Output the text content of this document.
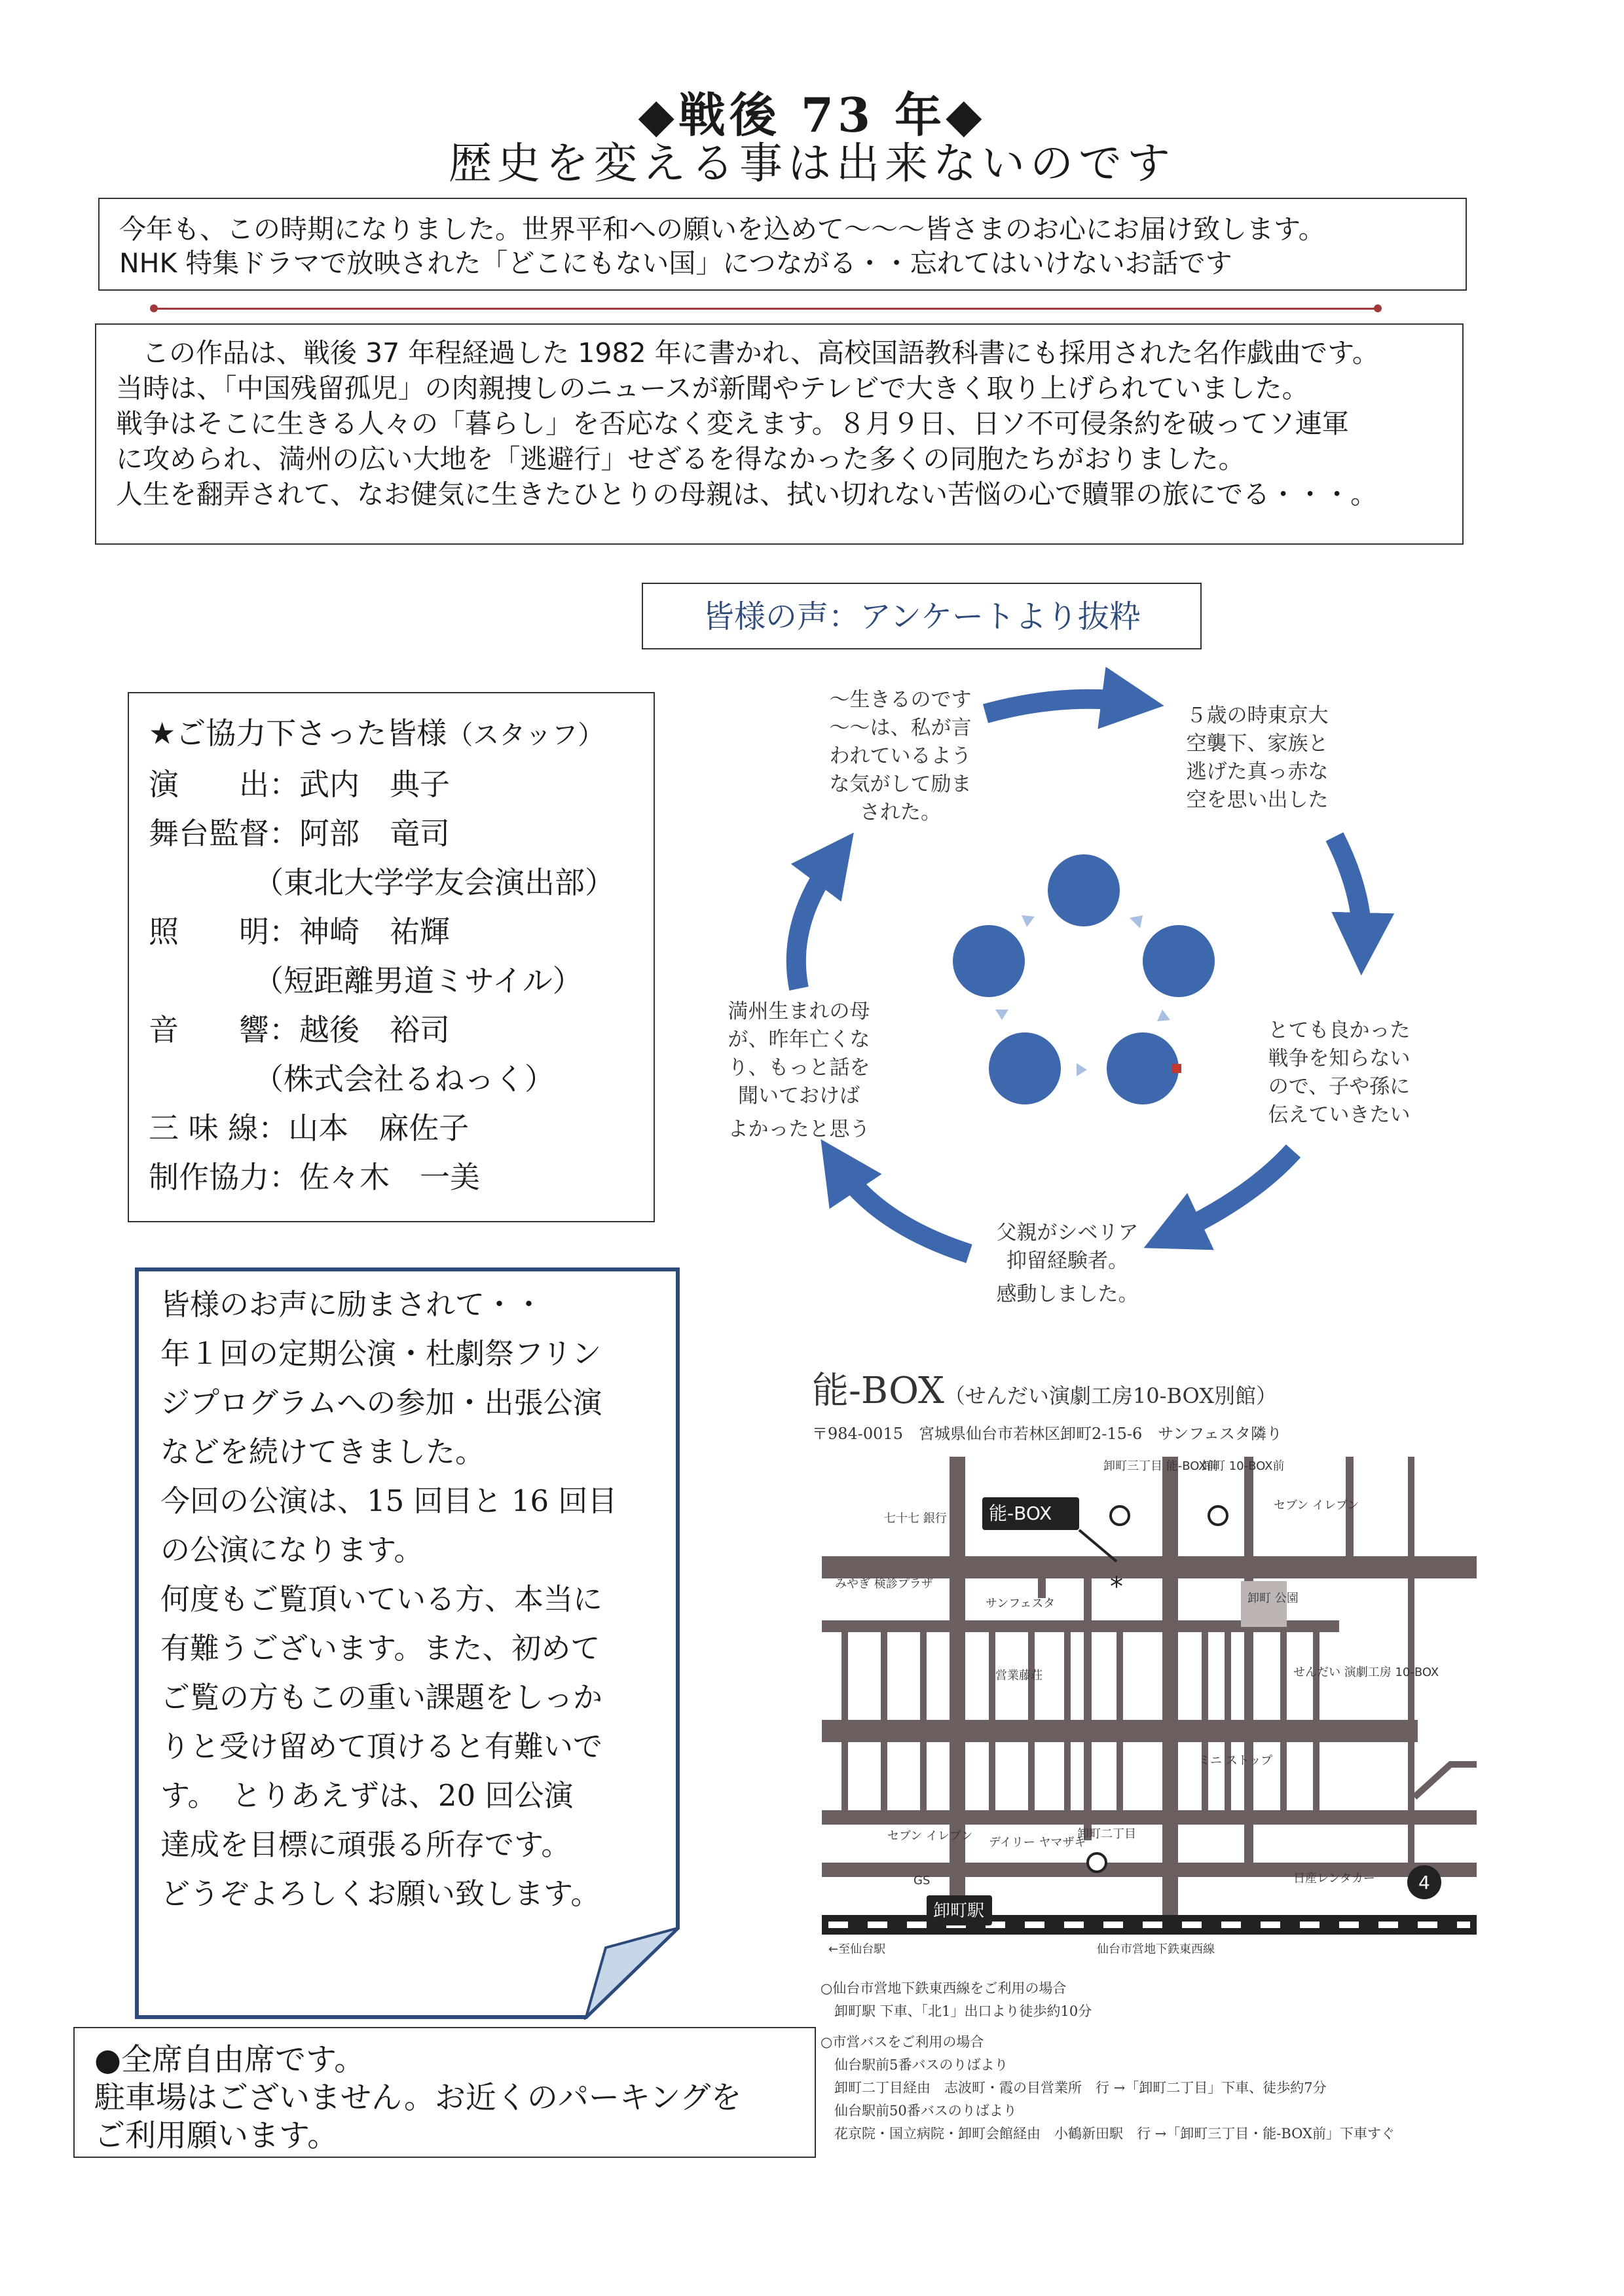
◆戦後 73 年◆
歴史を変える事は出来ないのです
今年も、この時期になりました。世界平和への願いを込めて〜〜〜皆さまのお心にお届け致します。
NHK 特集ドラマで放映された「どこにもない国」につながる・・忘れてはいけないお話です
この作品は、戦後 37 年程経過した 1982 年に書かれ、高校国語教科書にも採用された名作戯曲です。
当時は、「中国残留孤児」の肉親捜しのニュースが新聞やテレビで大きく取り上げられていました。
戦争はそこに生きる人々の「暮らし」を否応なく変えます。８月９日、日ソ不可侵条約を破ってソ連軍
に攻められ、満州の広い大地を「逃避行」せざるを得なかった多くの同胞たちがおりました。
人生を翻弄されて、なお健気に生きたひとりの母親は、拭い切れない苦悩の心で贖罪の旅にでる・・・。
皆様の声：アンケートより抜粋
〜生きるのです
〜〜は、私が言
われているよう
な気がして励ま
された。
５歳の時東京大
空襲下、家族と
逃げた真っ赤な
空を思い出した
とても良かった
戦争を知らない
ので、子や孫に
伝えていきたい
父親がシベリア
抑留経験者。
感動しました。
満州生まれの母
が、昨年亡くな
り、もっと話を
聞いておけば
よかったと思う
★ご協力下さった皆様（スタッフ）
演　　出：武内　典子
舞台監督：阿部　竜司
（東北大学学友会演出部）
照　　明：神崎　祐輝
（短距離男道ミサイル）
音　　響：越後　裕司
（株式会社るねっく）
三 味 線：山本　麻佐子
制作協力：佐々木　一美
皆様のお声に励まされて・・
年１回の定期公演・杜劇祭フリン
ジプログラムへの参加・出張公演
などを続けてきました。
今回の公演は、15 回目と 16 回目
の公演になります。
何度もご覧頂いている方、本当に
有難うございます。また、初めて
ご覧の方もこの重い課題をしっか
りと受け留めて頂けると有難いで
す。　とりあえずは、20 回公演
達成を目標に頑張る所存です。
どうぞよろしくお願い致します。
●全席自由席です。
駐車場はございません。お近くのパーキングを
ご利用願います。
能-BOX（せんだい演劇工房10-BOX別館）
〒984-0015　宮城県仙台市若林区卸町2-15-6　サンフェスタ隣り
卸町 公園
卸町駅
能-BOX
*
卸町三丁目 能-BOX前
卸町 10-BOX前
セブン イレブン
七十七 銀行
みやぎ 検診プラザ
サンフェスタ
営業藤荘	せんだい 演劇工房 10-BOX
ミニ ストップ
セブン イレブン デイリー ヤマザキ
卸町二丁目
GS	日産レンタカー 4
←至仙台駅	仙台市営地下鉄東西線
○仙台市営地下鉄東西線をご利用の場合
　卸町駅 下車、「北1」出口より徒歩約10分
○市営バスをご利用の場合
　仙台駅前5番バスのりばより
　卸町二丁目経由　志波町・霞の目営業所　行 →「卸町二丁目」下車、徒歩約7分
　仙台駅前50番バスのりばより
　花京院・国立病院・卸町会館経由　小鶴新田駅　行 →「卸町三丁目・能-BOX前」下車すぐ
